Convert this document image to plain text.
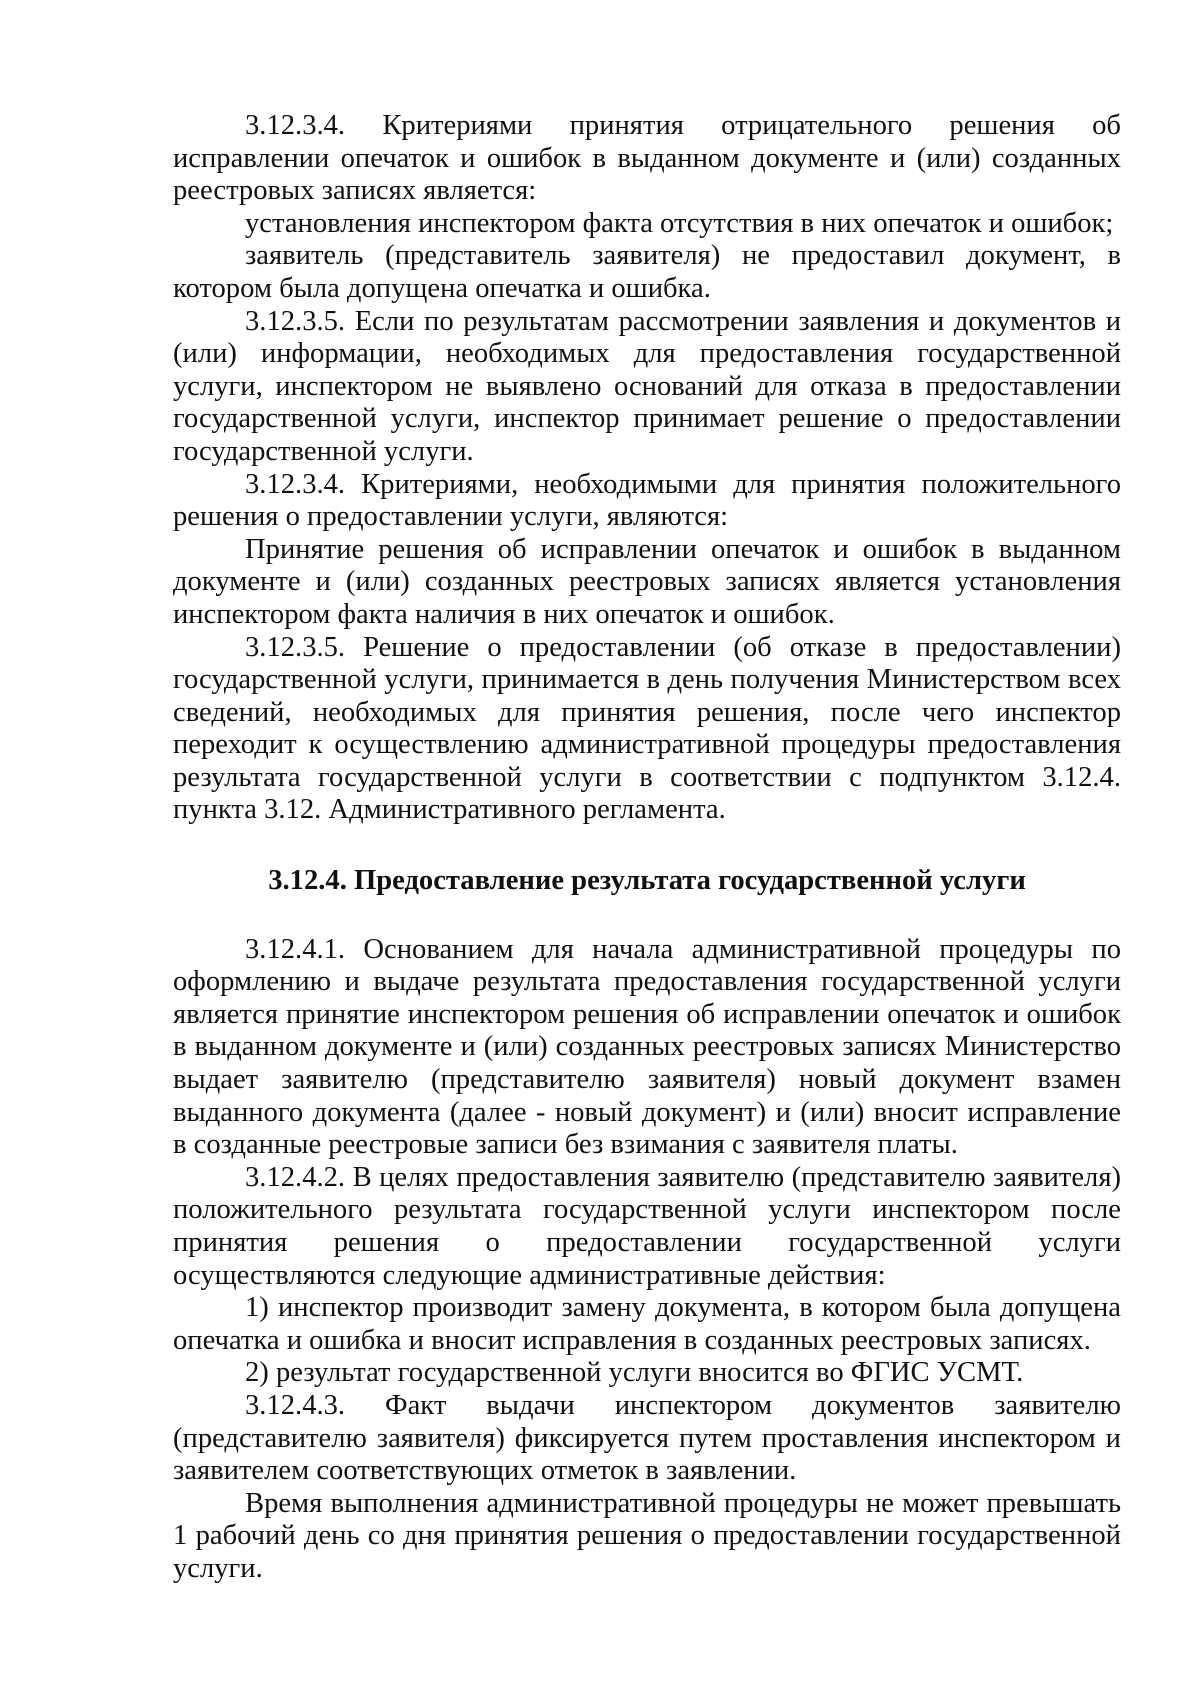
3.12.3.4. Критериями принятия отрицательного решения об исправлении опечаток и ошибок в выданном документе и (или) созданных реестровых записях является:

установления инспектором факта отсутствия в них опечаток и ошибок;

заявитель (представитель заявителя) не предоставил документ, в котором была допущена опечатка и ошибка.

3.12.3.5. Если по результатам рассмотрении заявления и документов и (или) информации, необходимых для предоставления государственной услуги, инспектором не выявлено оснований для отказа в предоставлении государственной услуги, инспектор принимает решение о предоставлении государственной услуги.

3.12.3.4. Критериями, необходимыми для принятия положительного решения о предоставлении услуги, являются:

Принятие решения об исправлении опечаток и ошибок в выданном документе и (или) созданных реестровых записях является установления инспектором факта наличия в них опечаток и ошибок.

3.12.3.5. Решение о предоставлении (об отказе в предоставлении) государственной услуги, принимается в день получения Министерством всех сведений, необходимых для принятия решения, после чего инспектор переходит к осуществлению административной процедуры предоставления результата государственной услуги в соответствии с подпунктом 3.12.4. пункта 3.12. Административного регламента.

3.12.4. Предоставление результата государственной услуги

3.12.4.1. Основанием для начала административной процедуры по оформлению и выдаче результата предоставления государственной услуги является принятие инспектором решения об исправлении опечаток и ошибок в выданном документе и (или) созданных реестровых записях Министерство выдает заявителю (представителю заявителя) новый документ взамен выданного документа (далее - новый документ) и (или) вносит исправление в созданные реестровые записи без взимания с заявителя платы.

3.12.4.2. В целях предоставления заявителю (представителю заявителя) положительного результата государственной услуги инспектором после принятия решения о предоставлении государственной услуги осуществляются следующие административные действия:

1) инспектор производит замену документа, в котором была допущена опечатка и ошибка и вносит исправления в созданных реестровых записях.

2) результат государственной услуги вносится во ФГИС УСМТ.

3.12.4.3. Факт выдачи инспектором документов заявителю (представителю заявителя) фиксируется путем проставления инспектором и заявителем соответствующих отметок в заявлении.

Время выполнения административной процедуры не может превышать 1 рабочий день со дня принятия решения о предоставлении государственной услуги.
